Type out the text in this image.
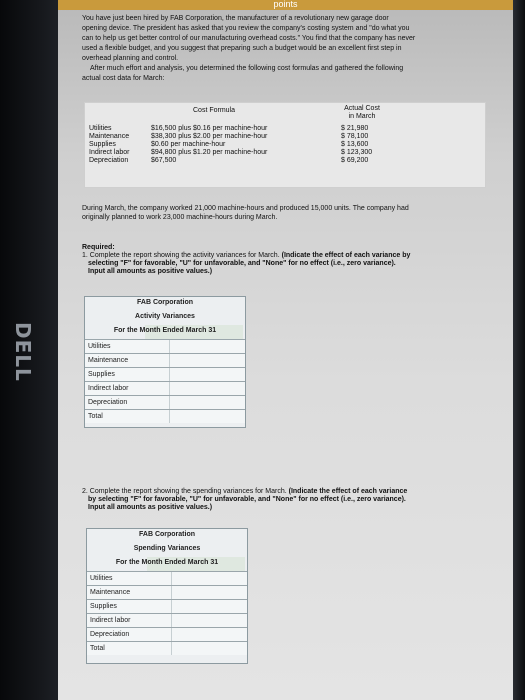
DELL
points

You have just been hired by FAB Corporation, the manufacturer of a revolutionary new garage door

opening device. The president has asked that you review the company's costing system and "do what you

can to help us get better control of our manufacturing overhead costs." You find that the company has never

used a flexible budget, and you suggest that preparing such a budget would be an excellent first step in

overhead planning and control.

After much effort and analysis, you determined the following cost formulas and gathered the following

actual cost data for March:

Cost Formula	Actual Cost
in March
Utilities	$16,500 plus $0.16 per machine-hour	$ 21,980
Maintenance	$38,300 plus $2.00 per machine-hour	$ 78,100
Supplies	$0.60 per machine-hour	$ 13,600
Indirect labor	$94,800 plus $1.20 per machine-hour	$ 123,300
Depreciation	$67,500	$ 69,200
During March, the company worked 21,000 machine-hours and produced 15,000 units. The company had
originally planned to work 23,000 machine-hours during March.
Required:
1. Complete the report showing the activity variances for March. (Indicate the effect of each variance by
selecting "F" for favorable, "U" for unfavorable, and "None" for no effect (i.e., zero variance).
Input all amounts as positive values.)
FAB Corporation
Activity Variances
For the Month Ended March 31
Utilities
Maintenance
Supplies
Indirect labor
Depreciation
Total
2. Complete the report showing the spending variances for March. (Indicate the effect of each variance
by selecting "F" for favorable, "U" for unfavorable, and "None" for no effect (i.e., zero variance).
Input all amounts as positive values.)
FAB Corporation
Spending Variances
For the Month Ended March 31
Utilities
Maintenance
Supplies
Indirect labor
Depreciation
Total
